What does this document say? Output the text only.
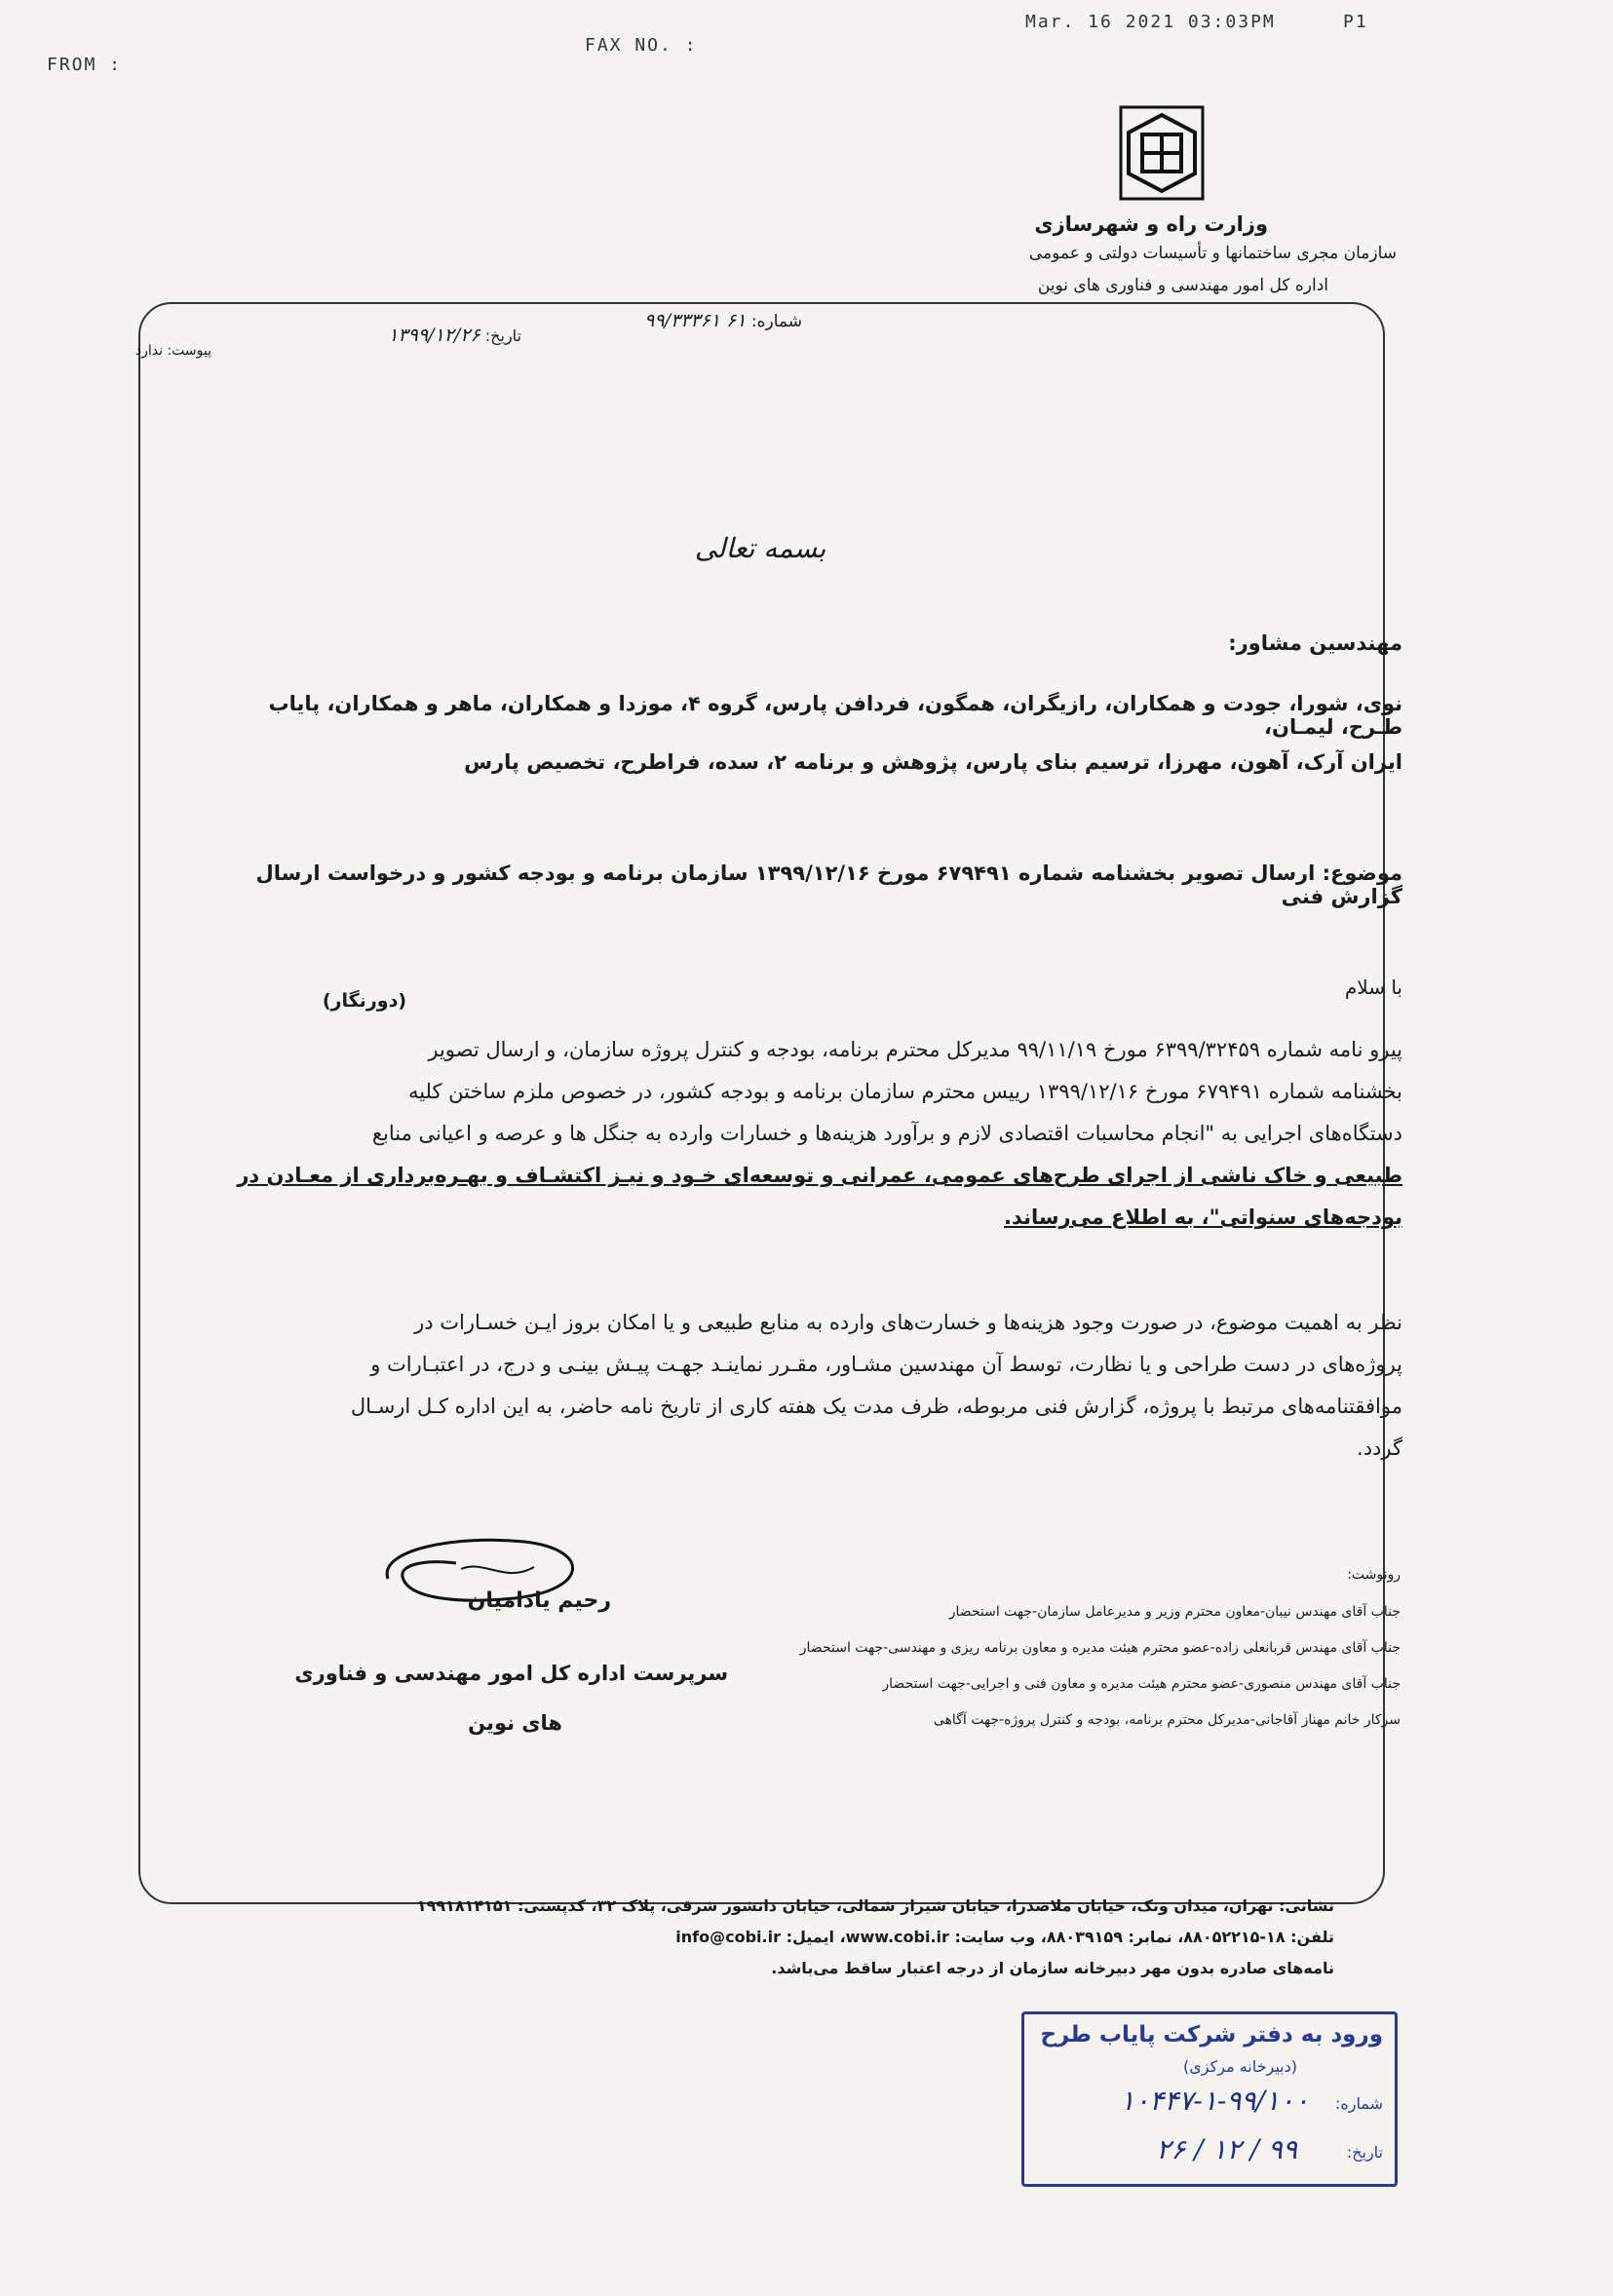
FROM :
FAX NO. :
Mar. 16 2021 03:03PM	P1
وزارت راه و شهرسازی
سازمان مجری ساختمانها و تأسیسات دولتی و عمومی
اداره کل امور مهندسی و فناوری های نوین
شماره: ۶۱ ۹۹/۳۳۳۶۱
تاریخ: ۱۳۹۹/۱۲/۲۶
پیوست: ندارد
بسمه تعالی
مهندسین مشاور:
نوی، شورا، جودت و همکاران، رازیگران، همگون، فردافن پارس، گروه ۴، موزدا و همکاران، ماهر و همکاران، پایاب طـرح، لیمـان،
ایران آرک، آهون، مهرزا، ترسیم بنای پارس، پژوهش و برنامه ۲، سده، فراطرح، تخصیص پارس
موضوع: ارسال تصویر بخشنامه شماره ۶۷۹۴۹۱ مورخ ۱۳۹۹/۱۲/۱۶ سازمان برنامه و بودجه کشور و درخواست ارسال گزارش فنی
(دورنگار)
با سلام
پیرو نامه شماره ۶۳۹۹/۳۲۴۵۹ مورخ ۹۹/۱۱/۱۹ مدیرکل محترم برنامه، بودجه و کنترل پروژه سازمان، و ارسال تصویر
بخشنامه شماره ۶۷۹۴۹۱ مورخ ۱۳۹۹/۱۲/۱۶ رییس محترم سازمان برنامه و بودجه کشور، در خصوص ملزم ساختن کلیه
دستگاه‌های اجرایی به "انجام محاسبات اقتصادی لازم و برآورد هزینه‌ها و خسارات وارده به جنگل ها و عرصه و اعیانی منابع
طبیعی و خاک ناشی از اجرای طرح‌های عمومی، عمرانی و توسعه‌ای خـود و نیـز اکتشـاف و بهـره‌برداری از معـادن در
بودجه‌های سنواتی"، به اطلاع می‌رساند.
نظر به اهمیت موضوع، در صورت وجود هزینه‌ها و خسارت‌های وارده به منابع طبیعی و یا امکان بروز ایـن خسـارات در
پروژه‌های در دست طراحی و یا نظارت، توسط آن مهندسین مشـاور، مقـرر نماینـد جهـت پیـش بینـی و درج، در اعتبـارات و
موافقتنامه‌های مرتبط با پروژه، گزارش فنی مربوطه، ظرف مدت یک هفته کاری از تاریخ نامه حاضر، به این اداره کـل ارسـال
گردد.
رحیم یادامیان
سرپرست اداره کل امور مهندسی و فناوری
های نوین
رونوشت:
جناب آقای مهندس نیبان-معاون محترم وزیر و مدیرعامل سازمان-جهت استحضار
جناب آقای مهندس قربانعلی زاده-عضو محترم هیئت مدیره و معاون برنامه ریزی و مهندسی-جهت استحضار
جناب آقای مهندس منصوری-عضو محترم هیئت مدیره و معاون فنی و اجرایی-جهت استحضار
سرکار خانم مهناز آقاجانی-مدیرکل محترم برنامه، بودجه و کنترل پروژه-جهت آگاهی
نشانی: تهران، میدان ونک، خیابان ملاصدرا، خیابان شیراز شمالی، خیابان دانشور شرقی، پلاک ۳۲، کدپستی: ۱۹۹۱۸۱۴۱۵۱
تلفن: ۱۸-۸۸۰۵۲۲۱۵، نمابر: ۸۸۰۳۹۱۵۹، وب سایت: www.cobi.ir، ایمیل: info@cobi.ir
نامه‌های صادره بدون مهر دبیرخانه سازمان از درجه اعتبار ساقط می‌باشد.
ورود به دفتر شرکت پایاب طرح
(دبیرخانه مرکزی)
شماره:
۱۰۴۴۷-۱-۹۹/۱۰۰
تاریخ:
۹۹ / ۱۲ / ۲۶
